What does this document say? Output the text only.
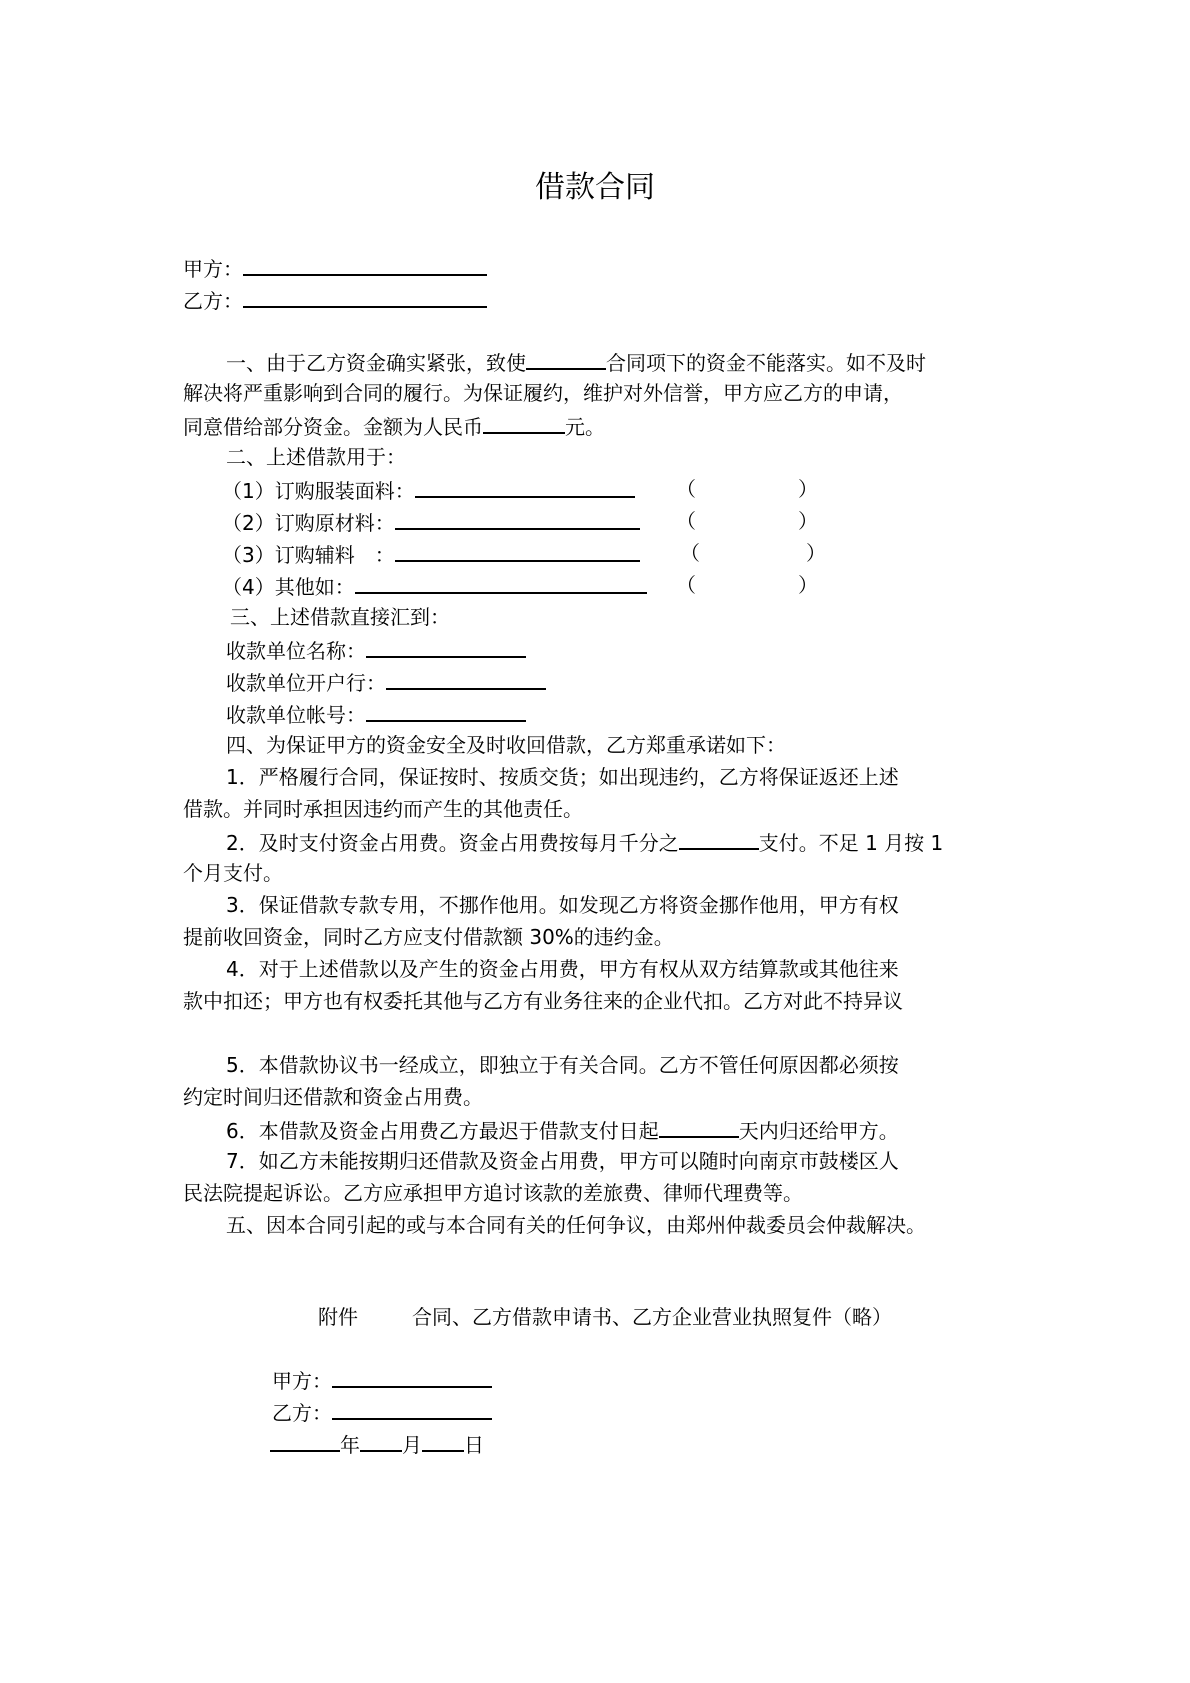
借款合同
甲方：
乙方：
一、由于乙方资金确实紧张，致使	合同项下的资金不能落实。如不及时
解决将严重影响到合同的履行。为保证履约，维护对外信誉，甲方应乙方的申请，
同意借给部分资金。金额为人民币	元。
二、上述借款用于：
（1）订购服装面料：	（	）
（2）订购原材料：	（	）
（3）订购辅料　：	（	）
（4）其他如：	（	）
三、上述借款直接汇到：
收款单位名称：
收款单位开户行：
收款单位帐号：
四、为保证甲方的资金安全及时收回借款，乙方郑重承诺如下：
1．严格履行合同，保证按时、按质交货；如出现违约，乙方将保证返还上述
借款。并同时承担因违约而产生的其他责任。
2．及时支付资金占用费。资金占用费按每月千分之	支付。不足 1 月按 1
个月支付。
3．保证借款专款专用，不挪作他用。如发现乙方将资金挪作他用，甲方有权
提前收回资金，同时乙方应支付借款额 30%的违约金。
4．对于上述借款以及产生的资金占用费，甲方有权从双方结算款或其他往来
款中扣还；甲方也有权委托其他与乙方有业务往来的企业代扣。乙方对此不持异议
5．本借款协议书一经成立，即独立于有关合同。乙方不管任何原因都必须按
约定时间归还借款和资金占用费。
6．本借款及资金占用费乙方最迟于借款支付日起	天内归还给甲方。
7．如乙方未能按期归还借款及资金占用费，甲方可以随时向南京市鼓楼区人
民法院提起诉讼。乙方应承担甲方追讨该款的差旅费、律师代理费等。
五、因本合同引起的或与本合同有关的任何争议，由郑州仲裁委员会仲裁解决。
附件	合同、乙方借款申请书、乙方企业营业执照复件（略）
甲方：
乙方：
年 月 日
